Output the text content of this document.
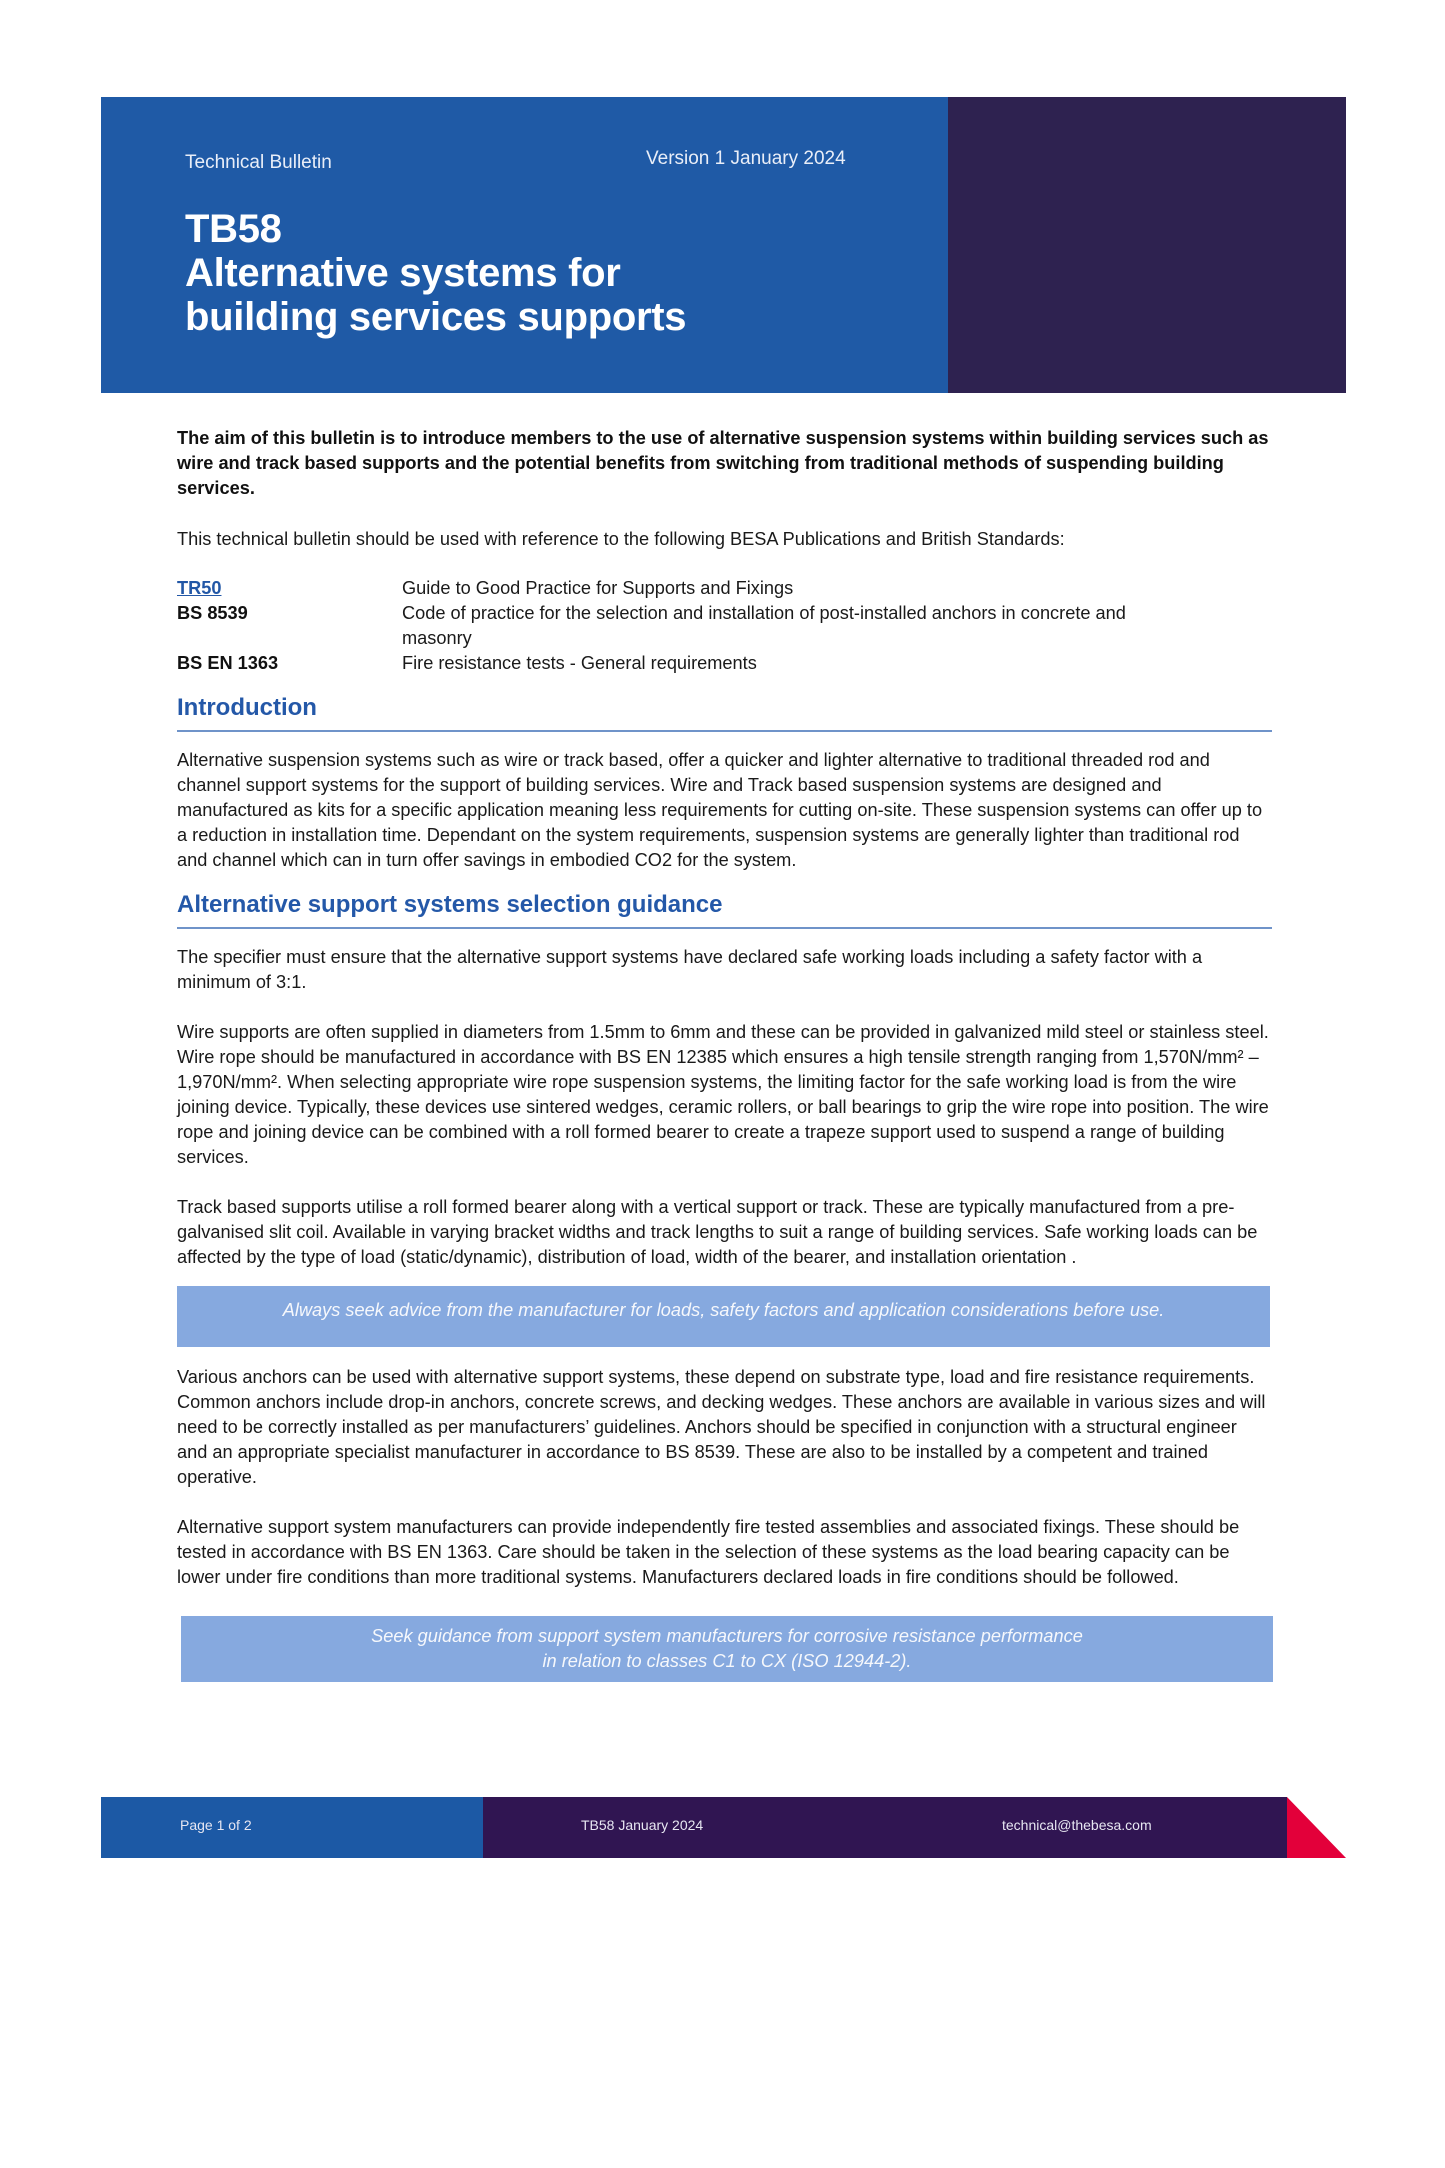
Technical Bulletin	Version 1 January 2024
TB58
Alternative systems for
building services supports

The aim of this bulletin is to introduce members to the use of alternative suspension systems within building services such as wire and track based supports and the potential benefits from switching from traditional methods of suspending building services.

This technical bulletin should be used with reference to the following BESA Publications and British Standards:

TR50	Guide to Good Practice for Supports and Fixings
BS 8539	Code of practice for the selection and installation of post-installed anchors in concrete and masonry
BS EN 1363	Fire resistance tests - General requirements
Introduction

Alternative suspension systems such as wire or track based, offer a quicker and lighter alternative to traditional threaded rod and channel support systems for the support of building services. Wire and Track based suspension systems are designed and manufactured as kits for a specific application meaning less requirements for cutting on-site. These suspension systems can offer up to a reduction in installation time. Dependant on the system requirements, suspension systems are generally lighter than traditional rod and channel which can in turn offer savings in embodied CO2 for the system.

Alternative support systems selection guidance

The specifier must ensure that the alternative support systems have declared safe working loads including a safety factor with a minimum of 3:1.

Wire supports are often supplied in diameters from 1.5mm to 6mm and these can be provided in galvanized mild steel or stainless steel. Wire rope should be manufactured in accordance with BS EN 12385 which ensures a high tensile strength ranging from 1,570N/mm² – 1,970N/mm². When selecting appropriate wire rope suspension systems, the limiting factor for the safe working load is from the wire joining device. Typically, these devices use sintered wedges, ceramic rollers, or ball bearings to grip the wire rope into position. The wire rope and joining device can be combined with a roll formed bearer to create a trapeze support used to suspend a range of building services.

Track based supports utilise a roll formed bearer along with a vertical support or track. These are typically manufactured from a pre-galvanised slit coil. Available in varying bracket widths and track lengths to suit a range of building services. Safe working loads can be affected by the type of load (static/dynamic), distribution of load, width of the bearer, and installation orientation .

Always seek advice from the manufacturer for loads, safety factors and application considerations before use.

Various anchors can be used with alternative support systems, these depend on substrate type, load and fire resistance requirements. Common anchors include drop-in anchors, concrete screws, and decking wedges. These anchors are available in various sizes and will need to be correctly installed as per manufacturers’ guidelines. Anchors should be specified in conjunction with a structural engineer and an appropriate specialist manufacturer in accordance to BS 8539. These are also to be installed by a competent and trained operative.

Alternative support system manufacturers can provide independently fire tested assemblies and associated fixings. These should be tested in accordance with BS EN 1363. Care should be taken in the selection of these systems as the load bearing capacity can be lower under fire conditions than more traditional systems. Manufacturers declared loads in fire conditions should be followed.

Seek guidance from support system manufacturers for corrosive resistance performance
in relation to classes C1 to CX (ISO 12944-2).
Page 1 of 2	TB58 January 2024	technical@thebesa.com
